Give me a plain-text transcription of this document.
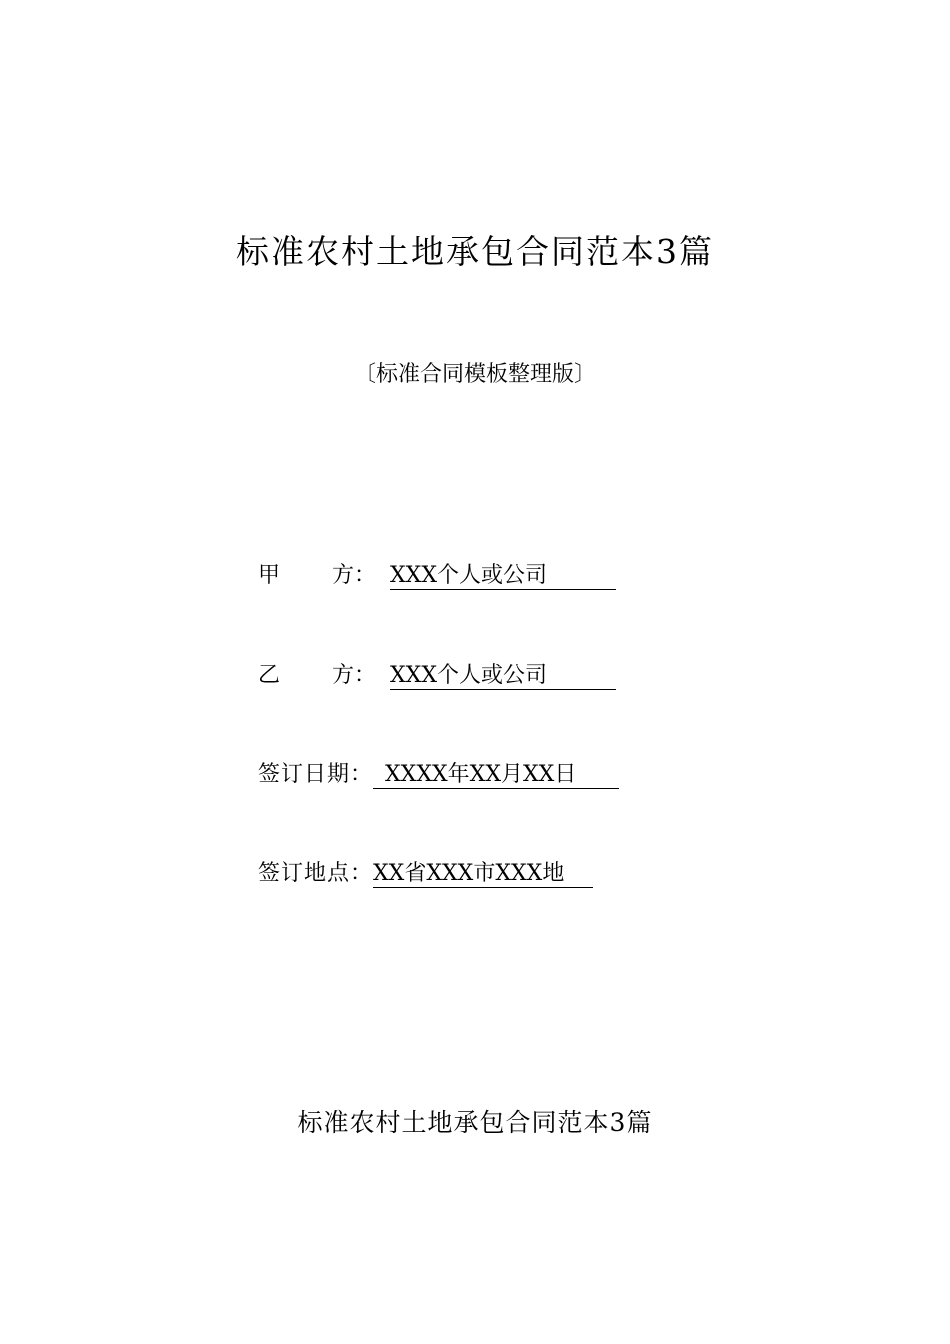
标准农村土地承包合同范本3篇
〔标准合同模板整理版〕
甲 方： XXX个人或公司
乙 方： XXX个人或公司
签订日期： XXXX年XX月XX日
签订地点：XX省XXX市XXX地
标准农村土地承包合同范本3篇
